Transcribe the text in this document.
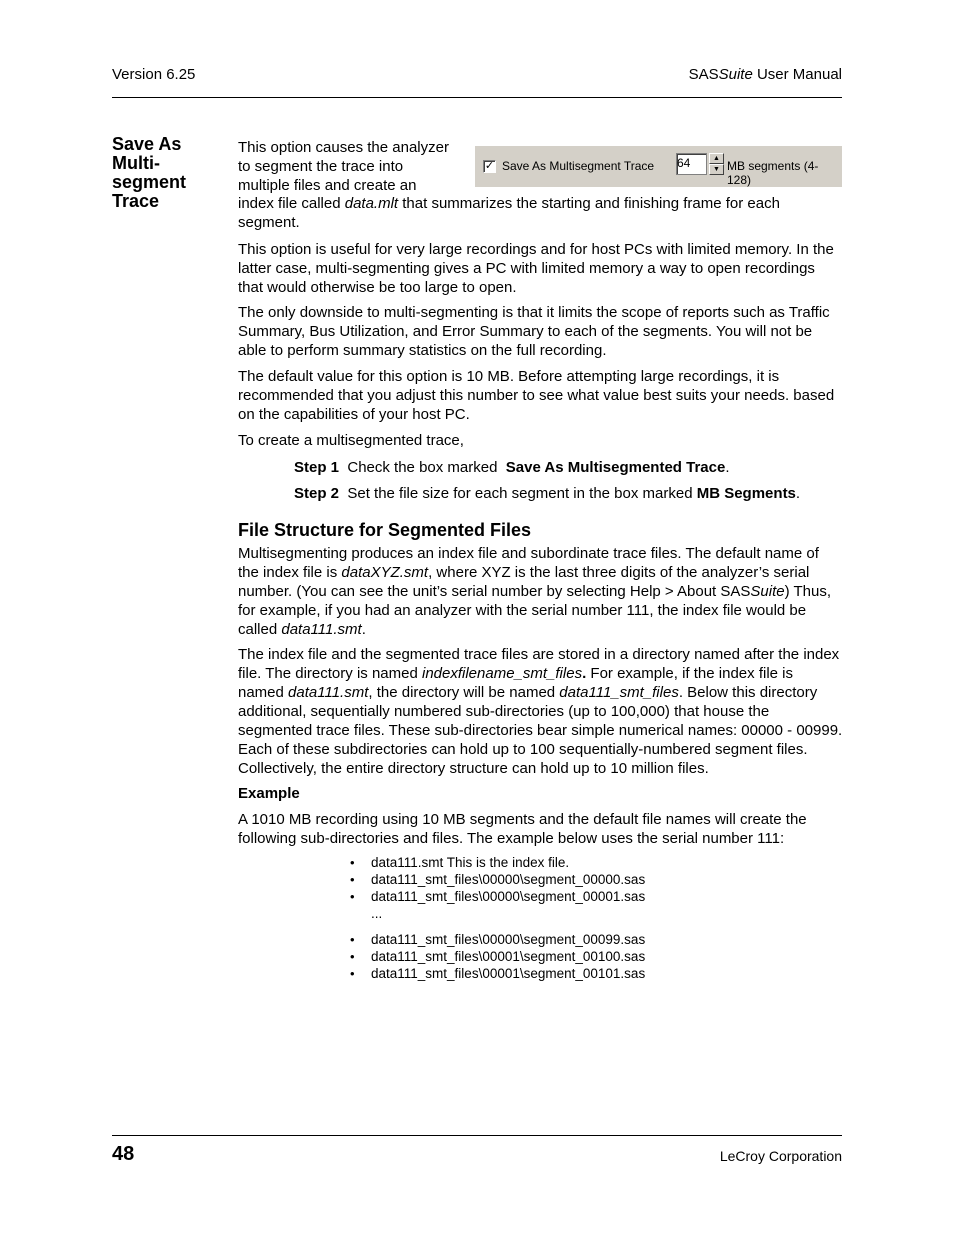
Version 6.25	SASSuite User Manual
Save As
Multi-
segment
Trace
This option causes the analyzer
to segment the trace into
multiple files and create an
index file called data.mlt that summarizes the starting and finishing frame for each
segment.
✓ Save As Multisegment Trace 64	▲
▼ MB segments (4-128)

This option is useful for very large recordings and for host PCs with limited memory. In the latter case, multi-segmenting gives a PC with limited memory a way to open recordings that would otherwise be too large to open.

The only downside to multi-segmenting is that it limits the scope of reports such as Traffic Summary, Bus Utilization, and Error Summary to each of the segments. You will not be able to perform summary statistics on the full recording.

The default value for this option is 10 MB. Before attempting large recordings, it is recommended that you adjust this number to see what value best suits your needs. based on the capabilities of your host PC.

To create a multisegmented trace,

Step 1 Check the box marked  Save As Multisegmented Trace.
Step 2 Set the file size for each segment in the box marked MB Segments.
File Structure for Segmented Files

Multisegmenting produces an index file and subordinate trace files. The default name of the index file is dataXYZ.smt, where XYZ is the last three digits of the analyzer’s serial number. (You can see the unit’s serial number by selecting Help > About SASSuite) Thus, for example, if you had an analyzer with the serial number 111, the index file would be called data111.smt.

The index file and the segmented trace files are stored in a directory named after the index file. The directory is named indexfilename_smt_files. For example, if the index file is named data111.smt, the directory will be named data111_smt_files. Below this directory additional, sequentially numbered sub-directories (up to 100,000) that house the segmented trace files. These sub-directories bear simple numerical names: 00000 - 00999. Each of these subdirectories can hold up to 100 sequentially-numbered segment files. Collectively, the entire directory structure can hold up to 10 million files.

Example

A 1010 MB recording using 10 MB segments and the default file names will create the following sub-directories and files. The example below uses the serial number 111:

• data111.smt This is the index file.
• data111_smt_files\00000\segment_00000.sas
• data111_smt_files\00000\segment_00001.sas
...
• data111_smt_files\00000\segment_00099.sas
• data111_smt_files\00001\segment_00100.sas
• data111_smt_files\00001\segment_00101.sas
48	LeCroy Corporation
